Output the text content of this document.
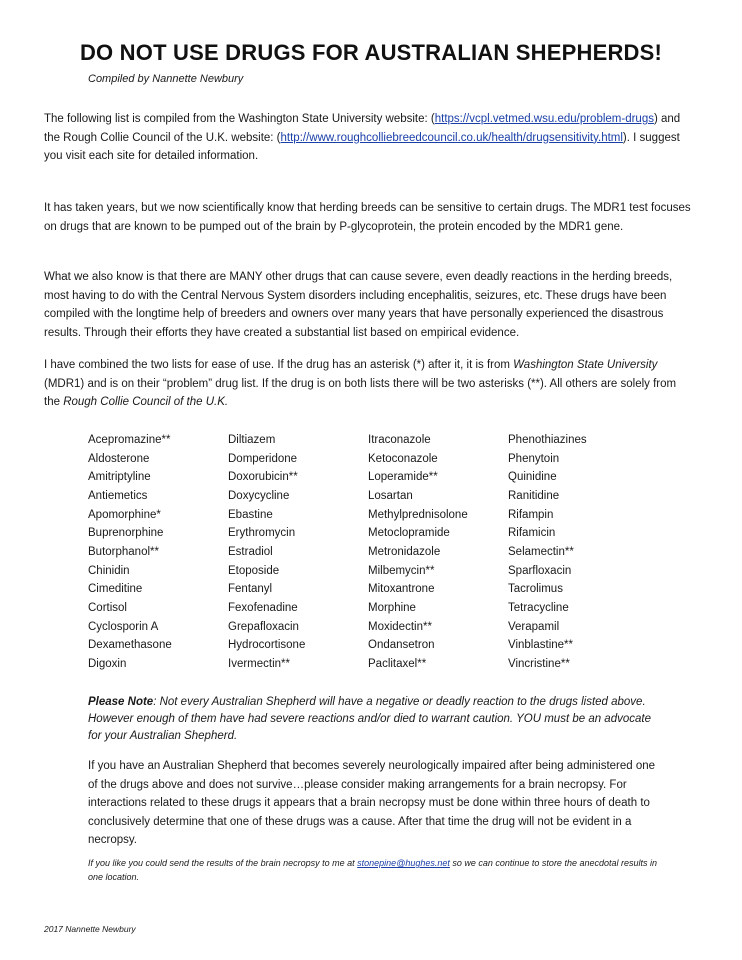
DO NOT USE DRUGS FOR AUSTRALIAN SHEPHERDS!

Compiled by Nannette Newbury

The following list is compiled from the Washington State University website: (https://vcpl.vetmed.wsu.edu/problem-drugs) and the Rough Collie Council of the U.K. website: (http://www.roughcolliebreedcouncil.co.uk/health/drugsensitivity.html). I suggest you visit each site for detailed information.

It has taken years, but we now scientifically know that herding breeds can be sensitive to certain drugs. The MDR1 test focuses on drugs that are known to be pumped out of the brain by P-glycoprotein, the protein encoded by the MDR1 gene.

What we also know is that there are MANY other drugs that can cause severe, even deadly reactions in the herding breeds, most having to do with the Central Nervous System disorders including encephalitis, seizures, etc. These drugs have been compiled with the longtime help of breeders and owners over many years that have personally experienced the disastrous results. Through their efforts they have created a substantial list based on empirical evidence.

I have combined the two lists for ease of use. If the drug has an asterisk (*) after it, it is from Washington State University (MDR1) and is on their “problem” drug list. If the drug is on both lists there will be two asterisks (**). All others are solely from the Rough Collie Council of the U.K.

Acepromazine**
Aldosterone
Amitriptyline
Antiemetics
Apomorphine*
Buprenorphine
Butorphanol**
Chinidin
Cimeditine
Cortisol
Cyclosporin A
Dexamethasone
Digoxin
Diltiazem
Domperidone
Doxorubicin**
Doxycycline
Ebastine
Erythromycin
Estradiol
Etoposide
Fentanyl
Fexofenadine
Grepafloxacin
Hydrocortisone
Ivermectin**
Itraconazole
Ketoconazole
Loperamide**
Losartan
Methylprednisolone
Metoclopramide
Metronidazole
Milbemycin**
Mitoxantrone
Morphine
Moxidectin**
Ondansetron
Paclitaxel**
Phenothiazines
Phenytoin
Quinidine
Ranitidine
Rifampin
Rifamicin
Selamectin**
Sparfloxacin
Tacrolimus
Tetracycline
Verapamil
Vinblastine**
Vincristine**

Please Note: Not every Australian Shepherd will have a negative or deadly reaction to the drugs listed above. However enough of them have had severe reactions and/or died to warrant caution. YOU must be an advocate for your Australian Shepherd.

If you have an Australian Shepherd that becomes severely neurologically impaired after being administered one of the drugs above and does not survive…please consider making arrangements for a brain necropsy. For interactions related to these drugs it appears that a brain necropsy must be done within three hours of death to conclusively determine that one of these drugs was a cause. After that time the drug will not be evident in a necropsy.

If you like you could send the results of the brain necropsy to me at stonepine@hughes.net so we can continue to store the anecdotal results in one location.

2017 Nannette Newbury
